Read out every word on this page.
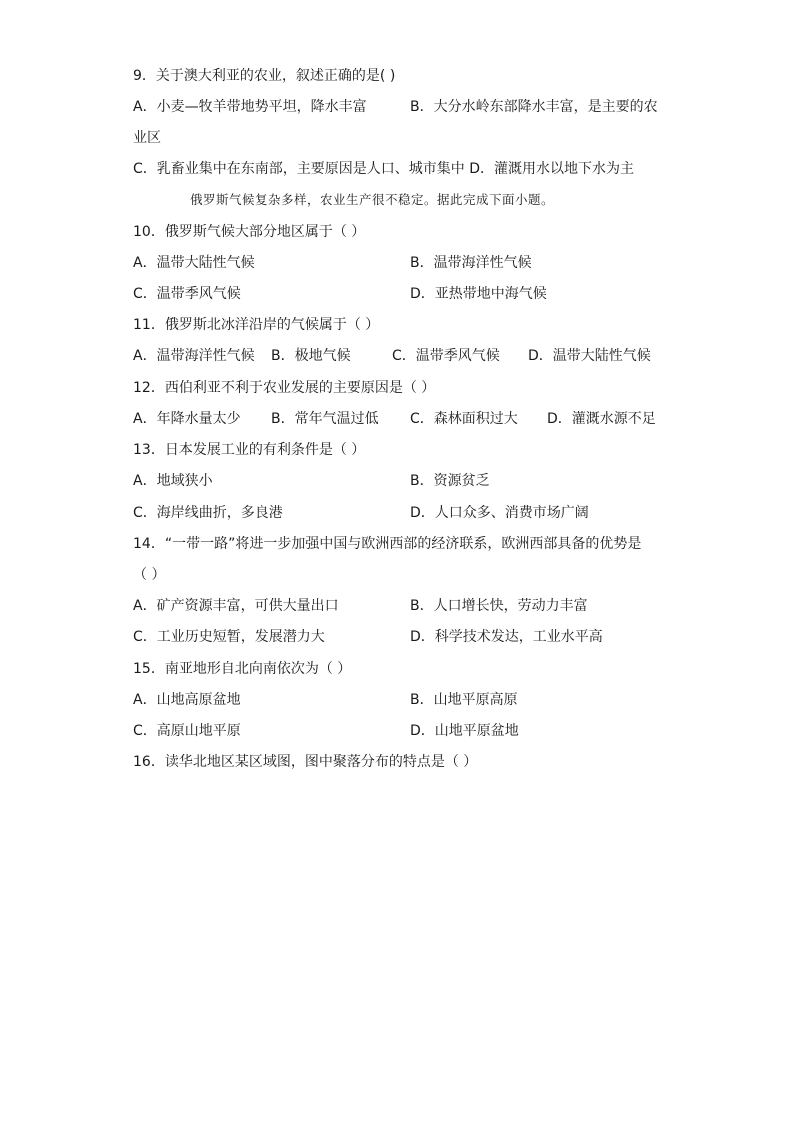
9．关于澳大利亚的农业，叙述正确的是( )
A．小麦—牧羊带地势平坦，降水丰富	B．大分水岭东部降水丰富，是主要的农
业区
C．乳畜业集中在东南部，主要原因是人口、城市集中 D．灌溉用水以地下水为主
俄罗斯气候复杂多样，农业生产很不稳定。据此完成下面小题。
10．俄罗斯气候大部分地区属于（ ）
A．温带大陆性气候	B．温带海洋性气候
C．温带季风气候	D．亚热带地中海气候
11．俄罗斯北冰洋沿岸的气候属于（ ）
A．温带海洋性气候 B．极地气候	C．温带季风气候 D．温带大陆性气候
12．西伯利亚不利于农业发展的主要原因是（ ）
A．年降水量太少 B．常年气温过低 C．森林面积过大 D．灌溉水源不足
13．日本发展工业的有利条件是（ ）
A．地域狭小	B．资源贫乏
C．海岸线曲折，多良港	D．人口众多、消费市场广阔
14．“一带一路”将进一步加强中国与欧洲西部的经济联系，欧洲西部具备的优势是
（ ）
A．矿产资源丰富，可供大量出口	B．人口增长快，劳动力丰富
C．工业历史短暂，发展潜力大	D．科学技术发达，工业水平高
15．南亚地形自北向南依次为（ ）
A．山地高原盆地	B．山地平原高原
C．高原山地平原	D．山地平原盆地
16．读华北地区某区域图，图中聚落分布的特点是（ ）
